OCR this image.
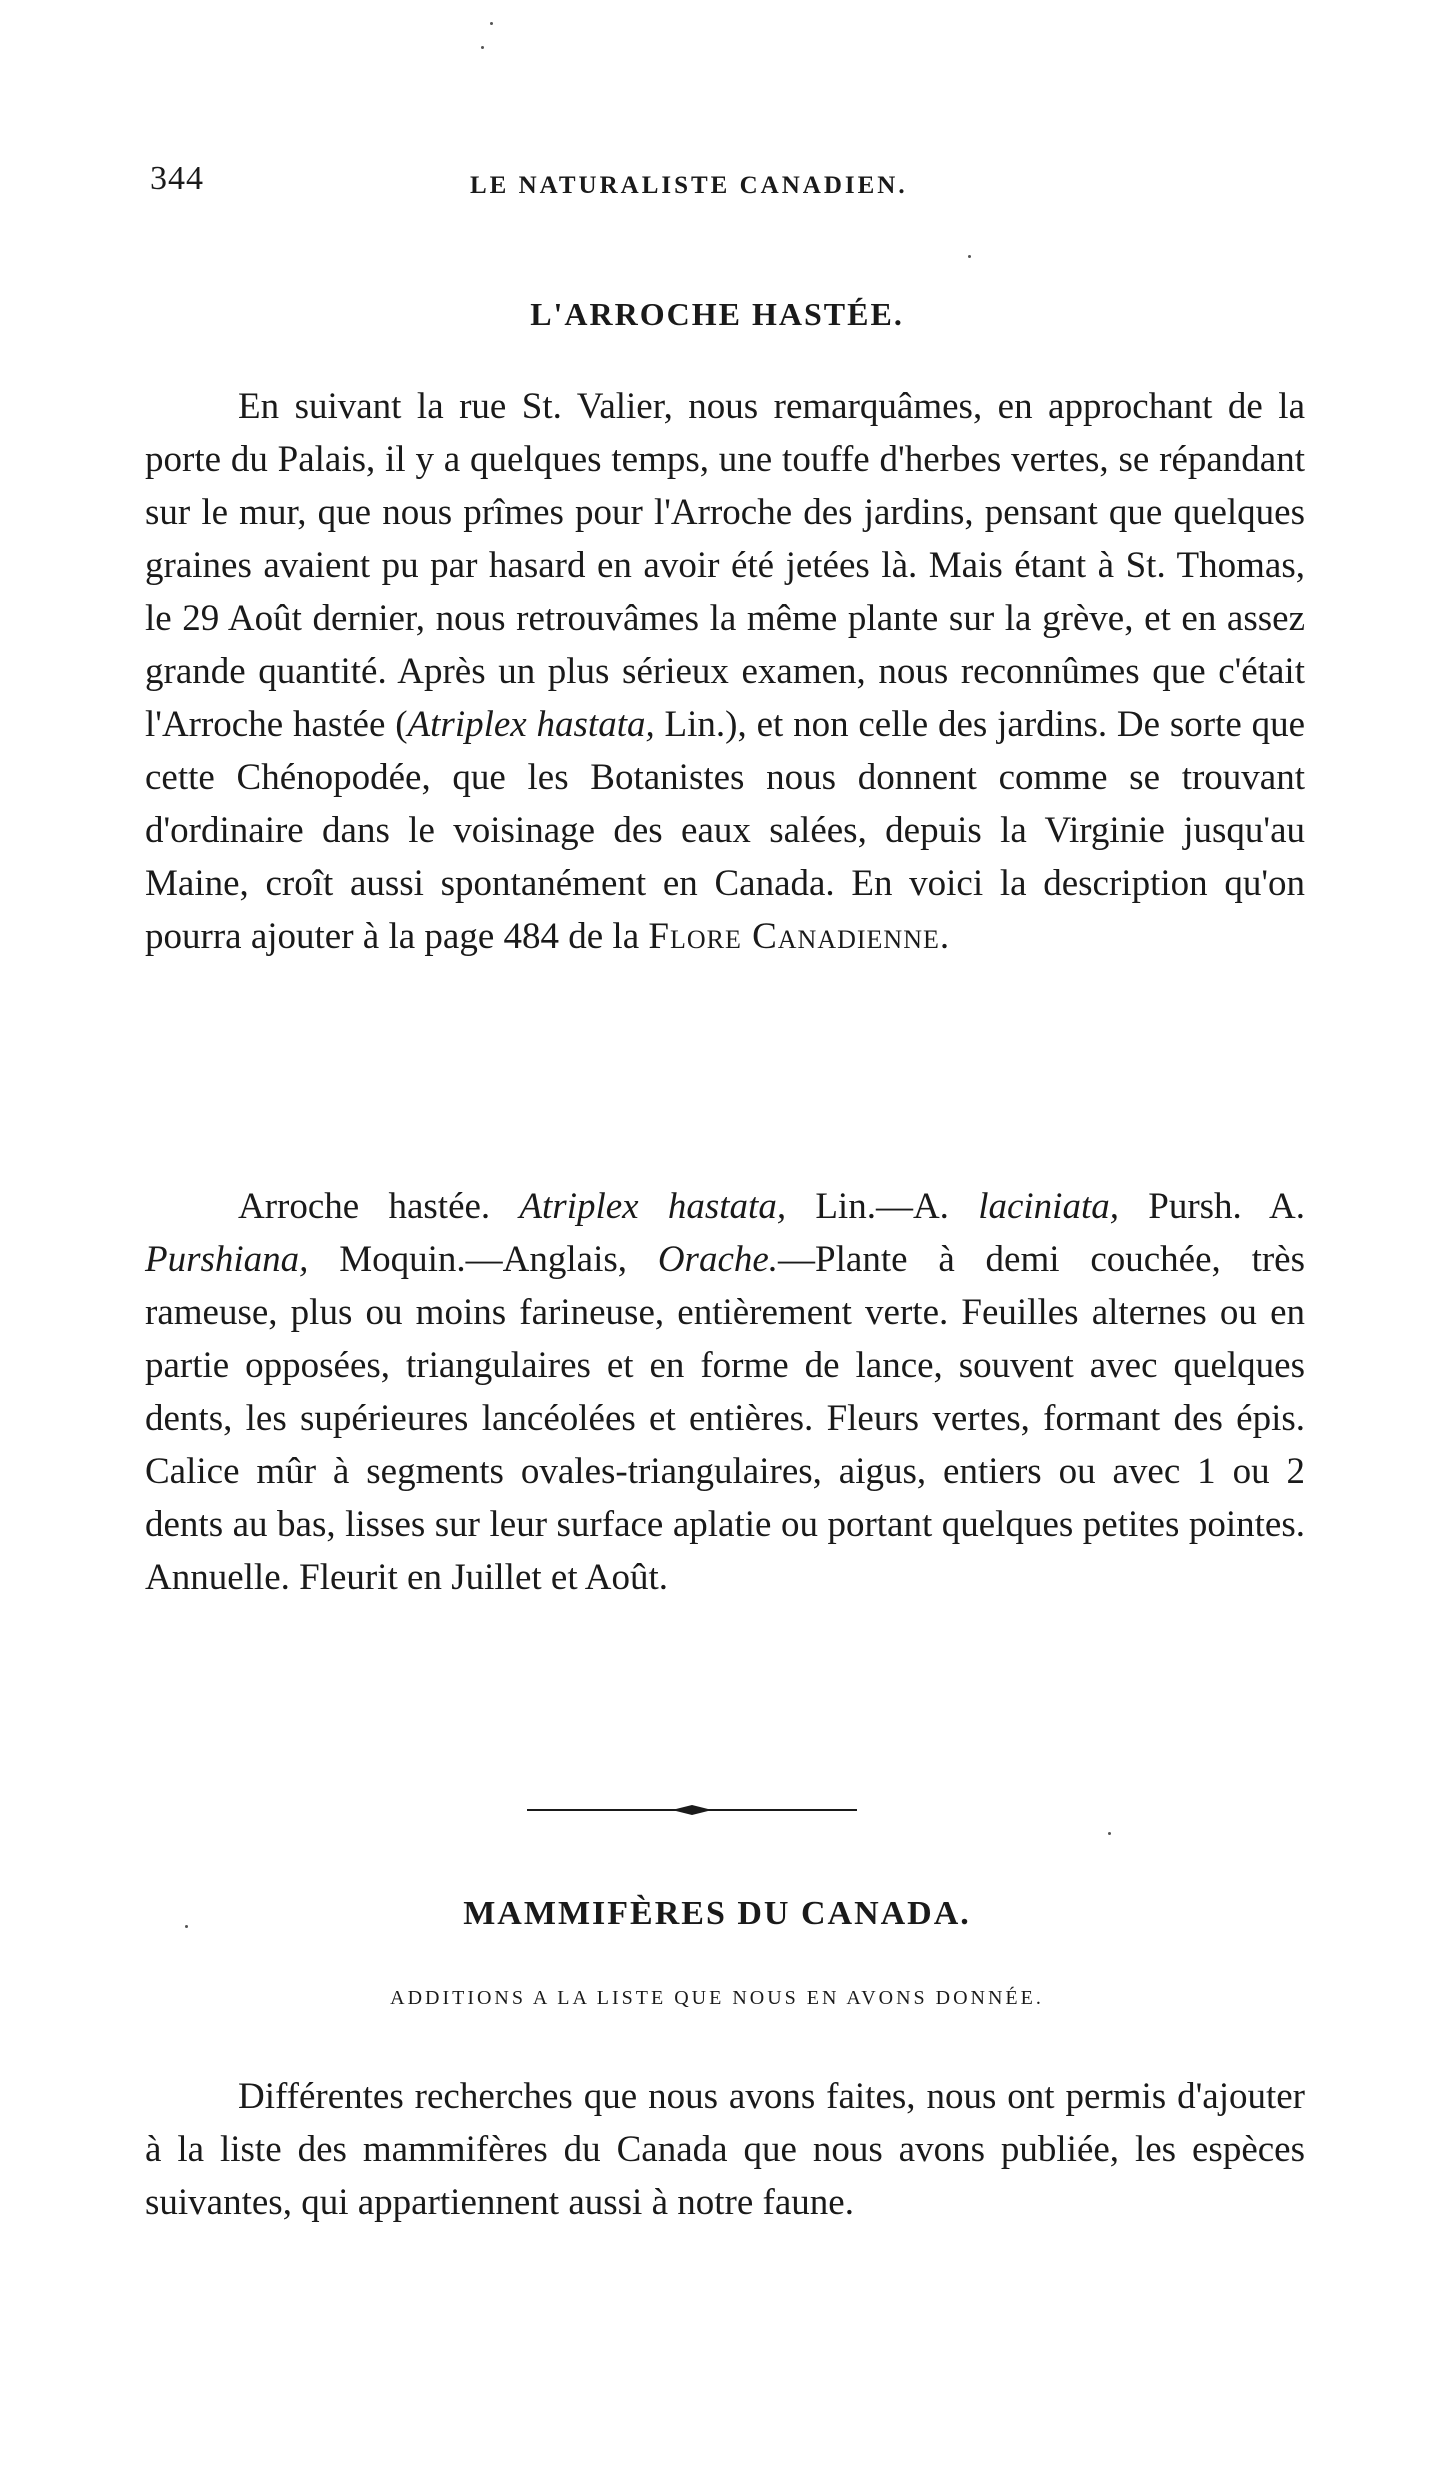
344	LE NATURALISTE CANADIEN.
L'ARROCHE HASTÉE.

En suivant la rue St. Valier, nous remarquâmes, en approchant de la porte du Palais, il y a quelques temps, une touffe d'herbes vertes, se répandant sur le mur, que nous prîmes pour l'Arroche des jardins, pensant que quelques graines avaient pu par hasard en avoir été jetées là. Mais étant à St. Thomas, le 29 Août dernier, nous retrouvâmes la même plante sur la grève, et en assez grande quantité. Après un plus sérieux examen, nous reconnûmes que c'était l'Arroche hastée (Atriplex hastata, Lin.), et non celle des jardins. De sorte que cette Chénopodée, que les Botanistes nous donnent comme se trouvant d'ordinaire dans le voisinage des eaux salées, depuis la Virginie jusqu'au Maine, croît aussi spontanément en Canada. En voici la description qu'on pourra ajouter à la page 484 de la Flore Canadienne.

Arroche hastée. Atriplex hastata, Lin.—A. laciniata, Pursh. A. Purshiana, Moquin.—Anglais, Orache.—Plante à demi couchée, très rameuse, plus ou moins farineuse, entièrement verte. Feuilles alternes ou en partie opposées, triangulaires et en forme de lance, souvent avec quelques dents, les supérieures lancéolées et entières. Fleurs vertes, formant des épis. Calice mûr à segments ovales-triangulaires, aigus, entiers ou avec 1 ou 2 dents au bas, lisses sur leur surface aplatie ou portant quelques petites pointes. Annuelle. Fleurit en Juillet et Août.

MAMMIFÈRES DU CANADA.
ADDITIONS A LA LISTE QUE NOUS EN AVONS DONNÉE.

Différentes recherches que nous avons faites, nous ont permis d'ajouter à la liste des mammifères du Canada que nous avons publiée, les espèces suivantes, qui appartiennent aussi à notre faune.
